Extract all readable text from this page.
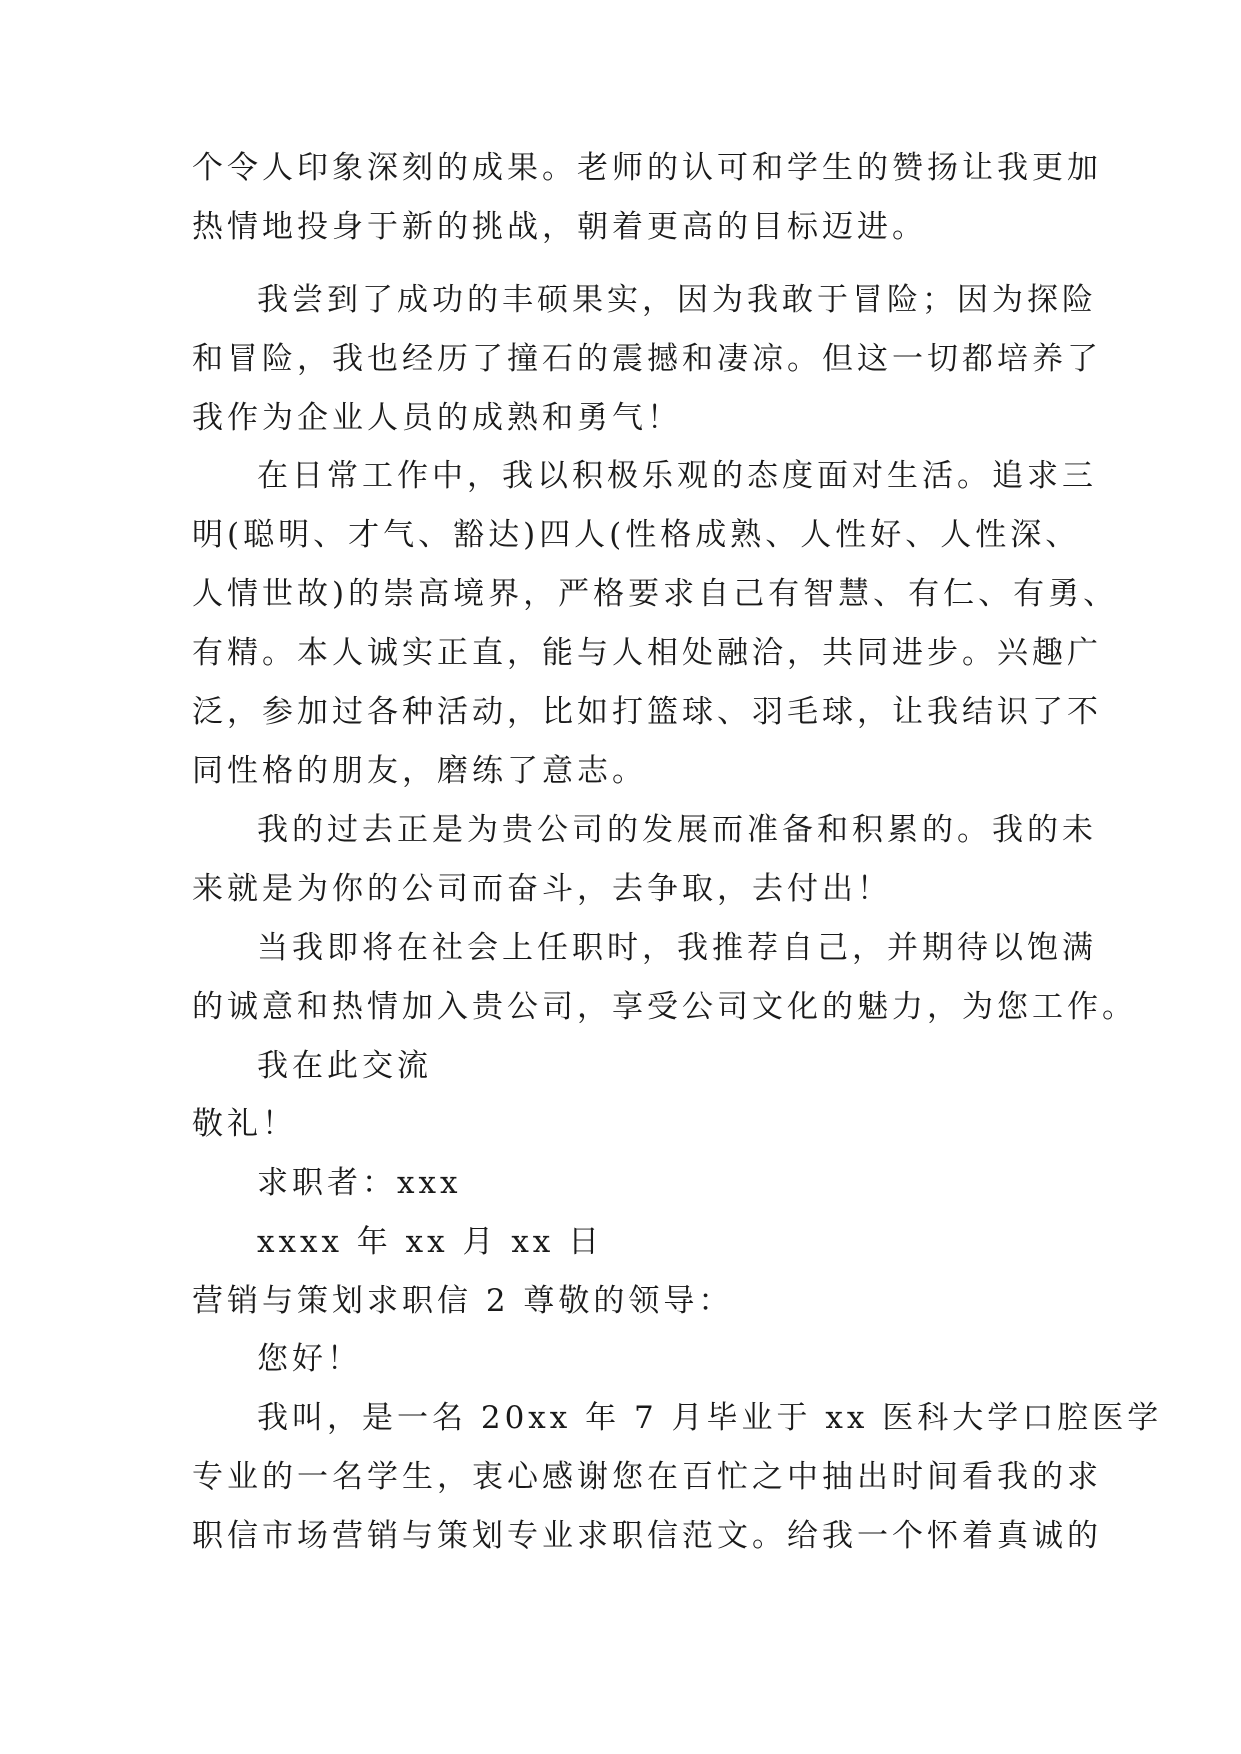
个令人印象深刻的成果。老师的认可和学生的赞扬让我更加
热情地投身于新的挑战，朝着更高的目标迈进。
我尝到了成功的丰硕果实，因为我敢于冒险；因为探险
和冒险，我也经历了撞石的震撼和凄凉。但这一切都培养了
我作为企业人员的成熟和勇气！
在日常工作中，我以积极乐观的态度面对生活。追求三
明(聪明、才气、豁达)四人(性格成熟、人性好、人性深、
人情世故)的崇高境界，严格要求自己有智慧、有仁、有勇、
有精。本人诚实正直，能与人相处融洽，共同进步。兴趣广
泛，参加过各种活动，比如打篮球、羽毛球，让我结识了不
同性格的朋友，磨练了意志。
我的过去正是为贵公司的发展而准备和积累的。我的未
来就是为你的公司而奋斗，去争取，去付出！
当我即将在社会上任职时，我推荐自己，并期待以饱满
的诚意和热情加入贵公司，享受公司文化的魅力，为您工作。
我在此交流
敬礼！
求职者：xxx
xxxx 年 xx 月 xx 日
营销与策划求职信 2 尊敬的领导：
您好！
我叫，是一名 20xx 年 7 月毕业于 xx 医科大学口腔医学
专业的一名学生，衷心感谢您在百忙之中抽出时间看我的求
职信市场营销与策划专业求职信范文。给我一个怀着真诚的
